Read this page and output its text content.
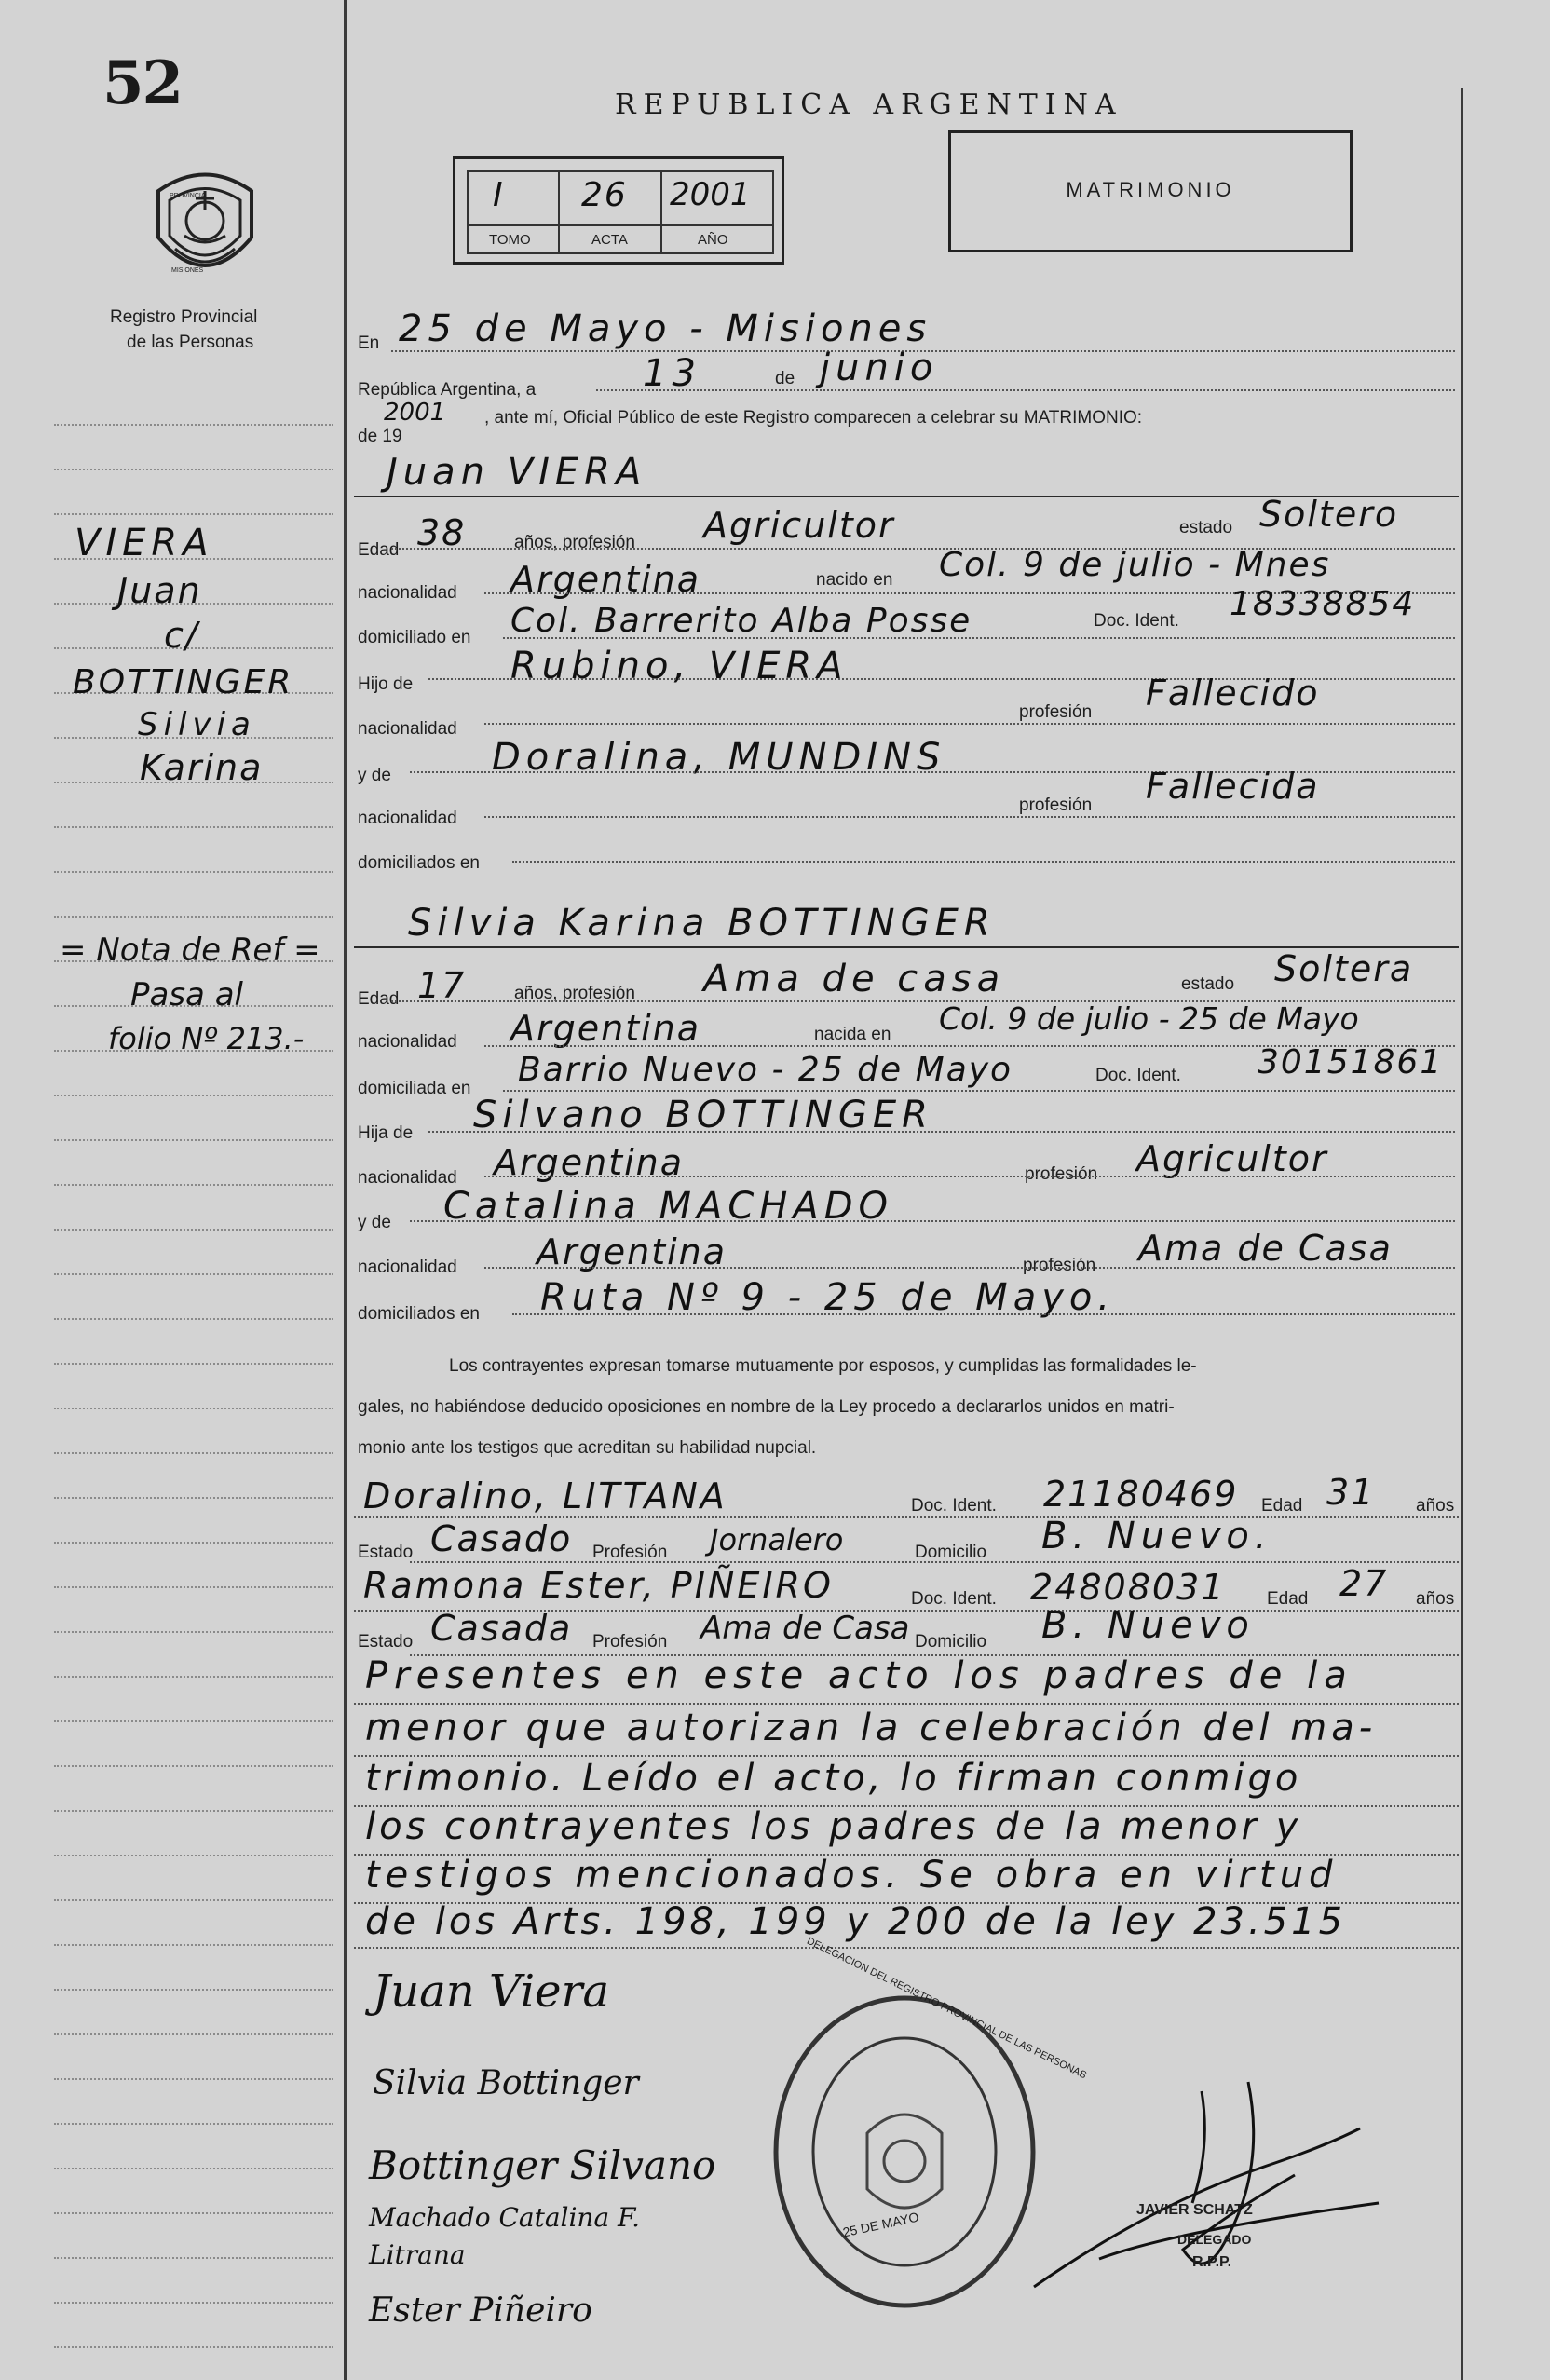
52
PROVINCIA
MISIONES
Registro Provincial
de las Personas
REPUBLICA ARGENTINA
I 26 2001
TOMO	ACTA	AÑO
MATRIMONIO
En 25 de Mayo - Misiones
República Argentina, a	13	de junio
de 19
2001 , ante mí, Oficial Público de este Registro comparecen a celebrar su MATRIMONIO:
Juan VIERA
Edad 38	años, profesión Agricultor	estado Soltero
nacionalidad Argentina	nacido en Col. 9 de julio - Mnes
domiciliado en Col. Barrerito Alba Posse	Doc. Ident. 18338854
Hijo de	Rubino, VIERA
nacionalidad
profesión Fallecido
y de	Doralina, MUNDINS
nacionalidad
profesión Fallecida
domiciliados en
Silvia Karina BOTTINGER
Edad 17	años, profesión Ama de casa	estado Soltera
nacionalidad Argentina	nacida en Col. 9 de julio - 25 de Mayo
domiciliada en Barrio Nuevo - 25 de Mayo	Doc. Ident. 30151861
Hija de Silvano BOTTINGER
nacionalidad Argentina	profesión Agricultor
y de Catalina MACHADO
nacionalidad Argentina	profesión Ama de Casa
domiciliados en Ruta Nº 9 - 25 de Mayo.
Los contrayentes expresan tomarse mutuamente por esposos, y cumplidas las formalidades le-
gales, no habiéndose deducido oposiciones en nombre de la Ley procedo a declararlos unidos en matri-
monio ante los testigos que acreditan su habilidad nupcial.
Doralino, LITTANA	Doc. Ident. 21180469 Edad 31 años
Estado Casado Profesión Jornalero	Domicilio B. Nuevo.
Ramona Ester, PIÑEIRO	Doc. Ident. 24808031 Edad 27 años
Estado Casada Profesión Ama de Casa Domicilio B. Nuevo
Presentes en este acto los padres de la
menor que autorizan la celebración del ma-
trimonio. Leído el acto, lo firman conmigo
los contrayentes los padres de la menor y
testigos mencionados. Se obra en virtud
de los Arts. 198, 199 y 200 de la ley 23.515
Juan Viera
Silvia Bottinger
Bottinger Silvano
Machado Catalina F.
Litrana
Ester Piñeiro
25 DE MAYO
DELEGACION DEL REGISTRO PROVINCIAL DE LAS PERSONAS
JAVIER SCHATZ
DELEGADO
R.P.P.
VIERA
Juan
c/
BOTTINGER
Silvia
Karina
= Nota de Ref =
Pasa al
folio Nº 213.-
